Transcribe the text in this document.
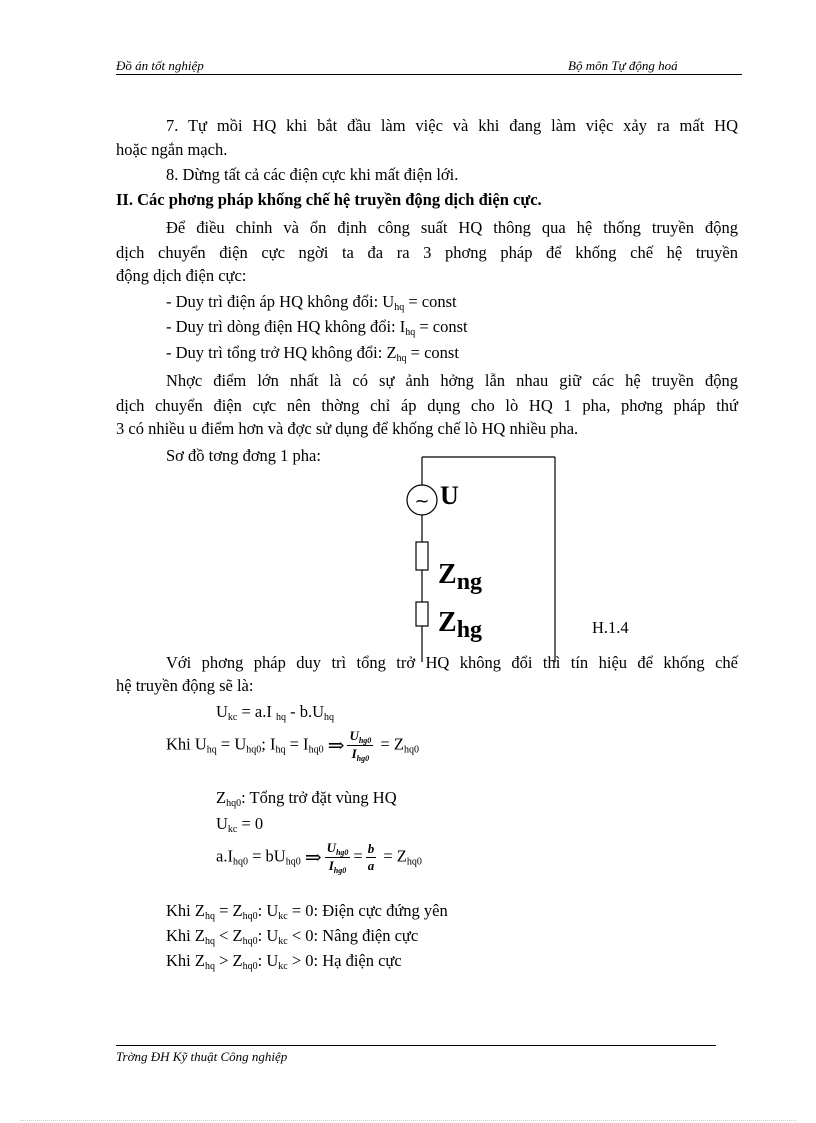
Đồ án tốt nghiệp	Bộ môn Tự động hoá
7. Tự mồi HQ khi bắt đầu làm việc và khi đang làm việc xảy ra mất HQ
hoặc ngắn mạch.
8. Dừng tất cả các điện cực khi mất điện lới.
II. Các phơng pháp khống chế hệ truyền động dịch điện cực.
Để điều chỉnh và ổn định công suất HQ thông qua hệ thống truyền động
dịch chuyển điện cực ngời ta đa ra 3 phơng pháp để khống chế hệ truyền
động dịch điện cực:
- Duy trì điện áp HQ không đổi: $U_{hq}$ = const
- Duy trì dòng điện HQ không đổi: $I_{hq}$ = const
- Duy trì tổng trở HQ không đổi: $Z_{hq}$ = const
Nhợc điểm lớn nhất là có sự ảnh hởng lẫn nhau giữ các hệ truyền động
dịch chuyển điện cực nên thờng chỉ áp dụng cho lò HQ 1 pha, phơng pháp thứ
3 có nhiều u điểm hơn và đợc sử dụng để khống chế lò HQ nhiều pha.
Sơ đồ tơng đơng 1 pha:
~ U
Zng
Zhg	H.1.4
Với phơng pháp duy trì tổng trở HQ không đổi thì tín hiệu để khống chế
hệ truyền động sẽ là:
$U_{kc} = a.I$ $_{hq} - b.U_{hq}$
Khi $U_{hq} = U_{hq0}$; $I_{hq} = I_{hq0}$ ⇒ $\frac{U_{hg0}}{I_{hg0}} = Z_{hq0}$
$Z_{hq0}$: Tổng trở đặt vùng HQ
$U_{kc} = 0$
$a.I_{hq0} = bU_{hq0}$ ⇒ $\frac{U_{hg0}}{I_{hg0}} = \frac{b}{a} = Z_{hq0}$
Khi $Z_{hq} = Z_{hq0}$: $U_{kc} = 0$: Điện cực đứng yên
Khi $Z_{hq} < Z_{hq0}$: $U_{kc} < 0$: Nâng điện cực
Khi $Z_{hq} > Z_{hq0}$: $U_{kc} > 0$: Hạ điện cực
Trờng ĐH Kỹ thuật Công nghiệp
